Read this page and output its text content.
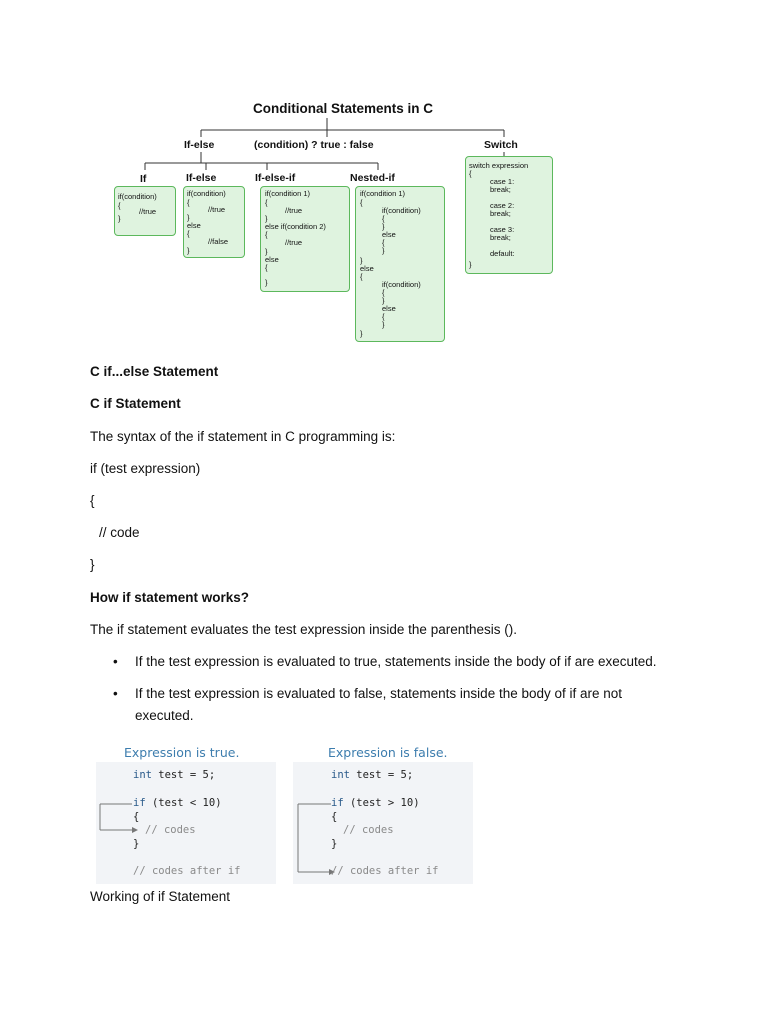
Conditional Statements in C
If-else	(condition) ? true : false	Switch
If	If-else	If-else-if	Nested-if
if(condition)
{
//true
}
if(condition)
{
//true
}
else
{
//false
}
if(condition 1)
{
//true
}
else if(condition 2)
{
//true
}
else
{
}
if(condition 1)
{
if(condition)
{
}
else
{
}
}
else
{
if(condition)
{
}
else
{
}
}
switch expression
{
case 1:
break;
case 2:
break;
case 3:
break;
default:
}
C if...else Statement
C if Statement
The syntax of the if statement in C programming is:
if (test expression)
{
// code
}
How if statement works?
The if statement evaluates the test expression inside the parenthesis ().
• If the test expression is evaluated to true, statements inside the body of if are executed.
• If the test expression is evaluated to false, statements inside the body of if are not executed.
Expression is true.
int test = 5;
if (test < 10)
{
// codes
}
// codes after if
Expression is false.
int test = 5;
if (test > 10)
{
// codes
}
// codes after if
Working of if Statement
